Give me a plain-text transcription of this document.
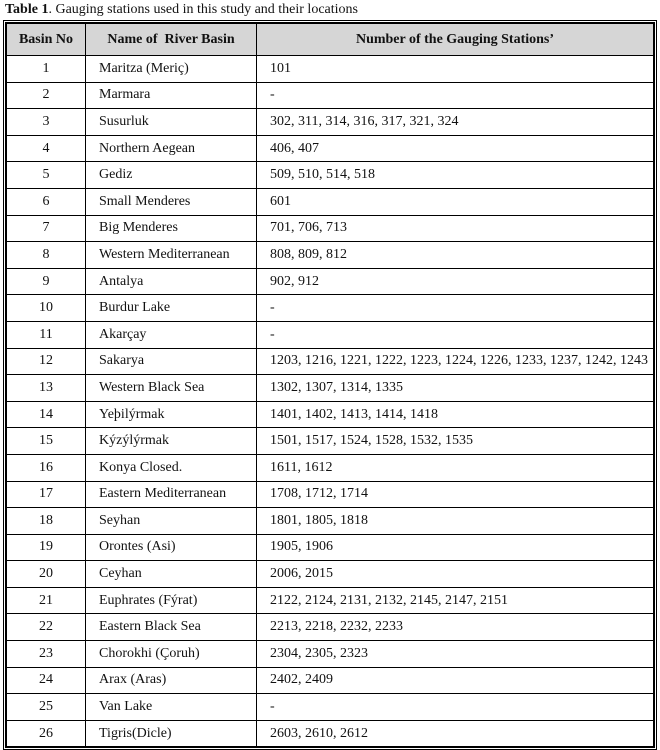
Table 1. Gauging stations used in this study and their locations
Basin No	Name of  River Basin	Number of the Gauging Stations’
1	Maritza (Meriç)	101
2	Marmara	-
3	Susurluk	302, 311, 314, 316, 317, 321, 324
4	Northern Aegean	406, 407
5	Gediz	509, 510, 514, 518
6	Small Menderes	601
7	Big Menderes	701, 706, 713
8	Western Mediterranean	808, 809, 812
9	Antalya	902, 912
10	Burdur Lake	-
11	Akarçay	-
12	Sakarya	1203, 1216, 1221, 1222, 1223, 1224, 1226, 1233, 1237, 1242, 1243
13	Western Black Sea	1302, 1307, 1314, 1335
14	Yeþilýrmak	1401, 1402, 1413, 1414, 1418
15	Kýzýlýrmak	1501, 1517, 1524, 1528, 1532, 1535
16	Konya Closed.	1611, 1612
17	Eastern Mediterranean	1708, 1712, 1714
18	Seyhan	1801, 1805, 1818
19	Orontes (Asi)	1905, 1906
20	Ceyhan	2006, 2015
21	Euphrates (Fýrat)	2122, 2124, 2131, 2132, 2145, 2147, 2151
22	Eastern Black Sea	2213, 2218, 2232, 2233
23	Chorokhi (Çoruh)	2304, 2305, 2323
24	Arax (Aras)	2402, 2409
25	Van Lake	-
26	Tigris(Dicle)	2603, 2610, 2612
